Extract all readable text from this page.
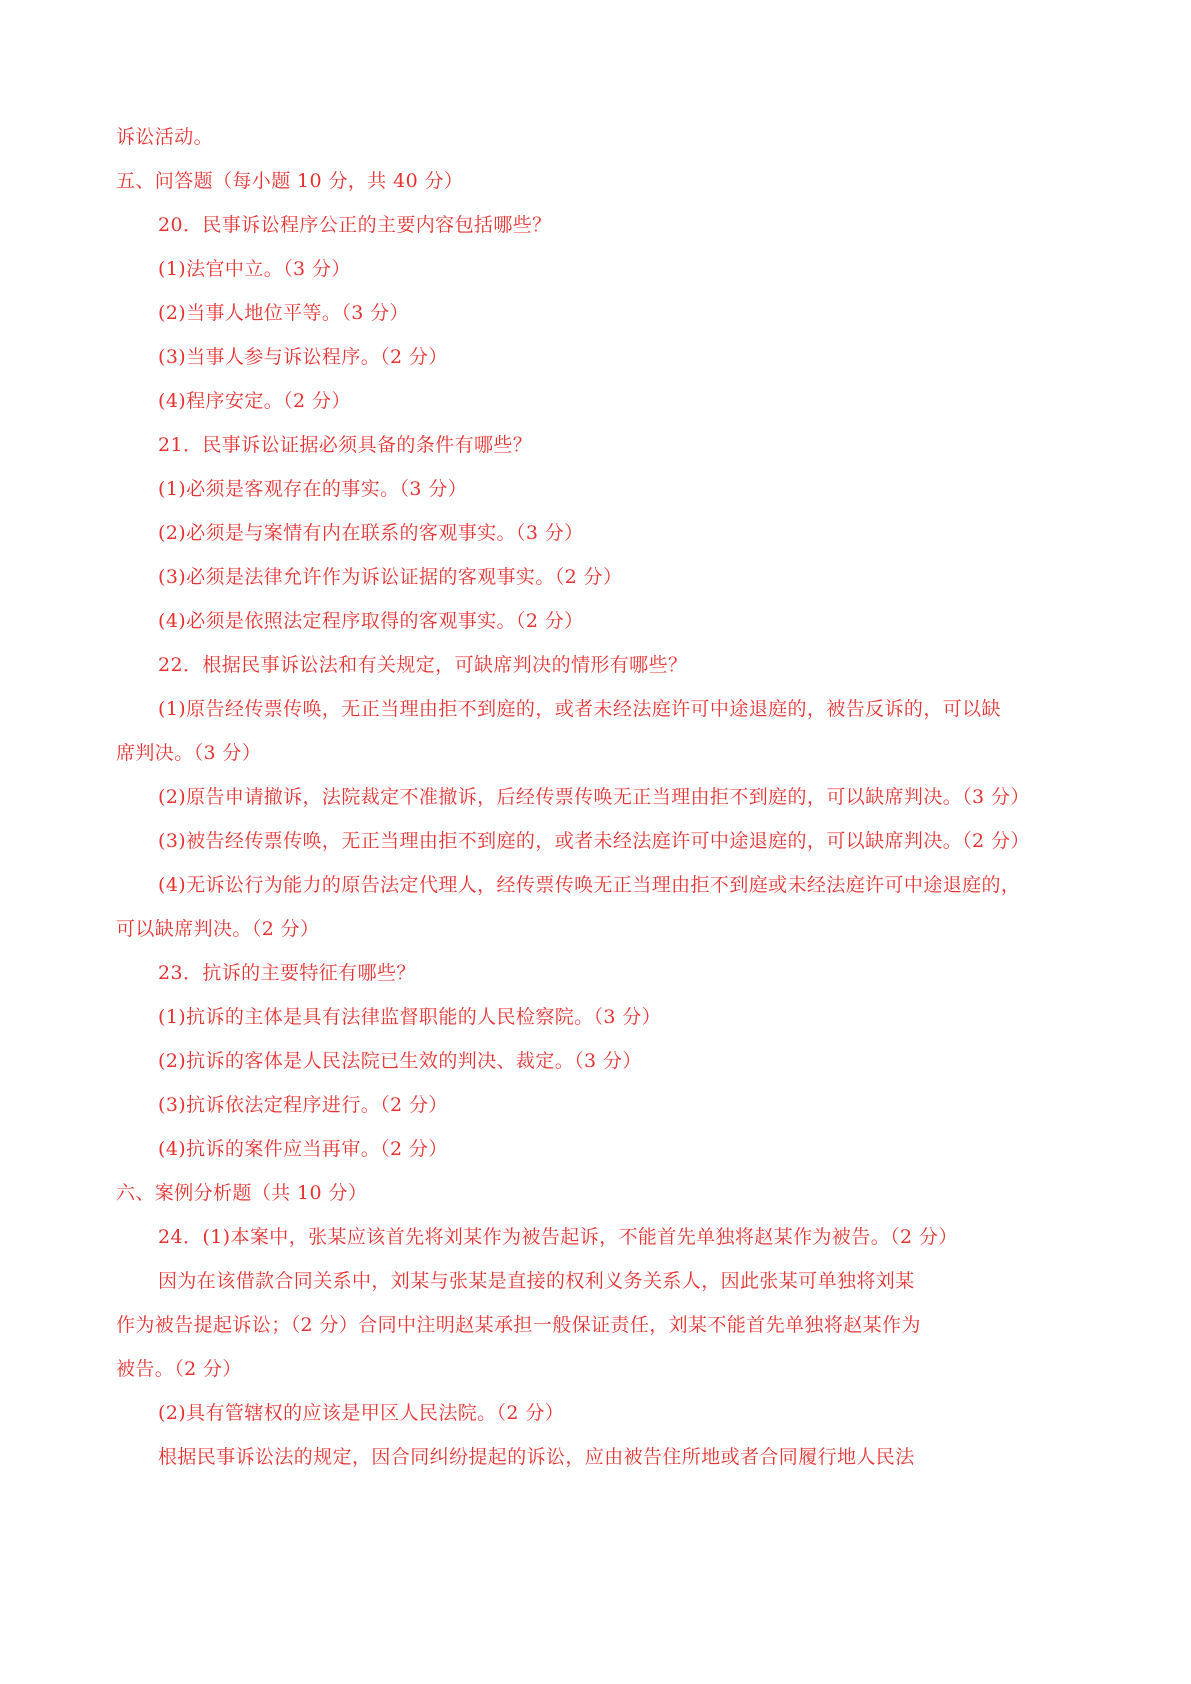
诉讼活动。
五、问答题（每小题 10 分，共 40 分）
20．民事诉讼程序公正的主要内容包括哪些？
(1)法官中立。（3 分）
(2)当事人地位平等。（3 分）
(3)当事人参与诉讼程序。（2 分）
(4)程序安定。（2 分）
21．民事诉讼证据必须具备的条件有哪些？
(1)必须是客观存在的事实。（3 分）
(2)必须是与案情有内在联系的客观事实。（3 分）
(3)必须是法律允许作为诉讼证据的客观事实。（2 分）
(4)必须是依照法定程序取得的客观事实。（2 分）
22．根据民事诉讼法和有关规定，可缺席判决的情形有哪些？
(1)原告经传票传唤，无正当理由拒不到庭的，或者未经法庭许可中途退庭的，被告反诉的，可以缺
席判决。（3 分）
(2)原告申请撤诉，法院裁定不准撤诉，后经传票传唤无正当理由拒不到庭的，可以缺席判决。（3 分）
(3)被告经传票传唤，无正当理由拒不到庭的，或者未经法庭许可中途退庭的，可以缺席判决。（2 分）
(4)无诉讼行为能力的原告法定代理人，经传票传唤无正当理由拒不到庭或未经法庭许可中途退庭的，
可以缺席判决。（2 分）
23．抗诉的主要特征有哪些？
(1)抗诉的主体是具有法律监督职能的人民检察院。（3 分）
(2)抗诉的客体是人民法院已生效的判决、裁定。（3 分）
(3)抗诉依法定程序进行。（2 分）
(4)抗诉的案件应当再审。（2 分）
六、案例分析题（共 10 分）
24．(1)本案中，张某应该首先将刘某作为被告起诉，不能首先单独将赵某作为被告。（2 分）
因为在该借款合同关系中，刘某与张某是直接的权利义务关系人，因此张某可单独将刘某
作为被告提起诉讼；（2 分）合同中注明赵某承担一般保证责任，刘某不能首先单独将赵某作为
被告。（2 分）
(2)具有管辖权的应该是甲区人民法院。（2 分）
根据民事诉讼法的规定，因合同纠纷提起的诉讼，应由被告住所地或者合同履行地人民法
